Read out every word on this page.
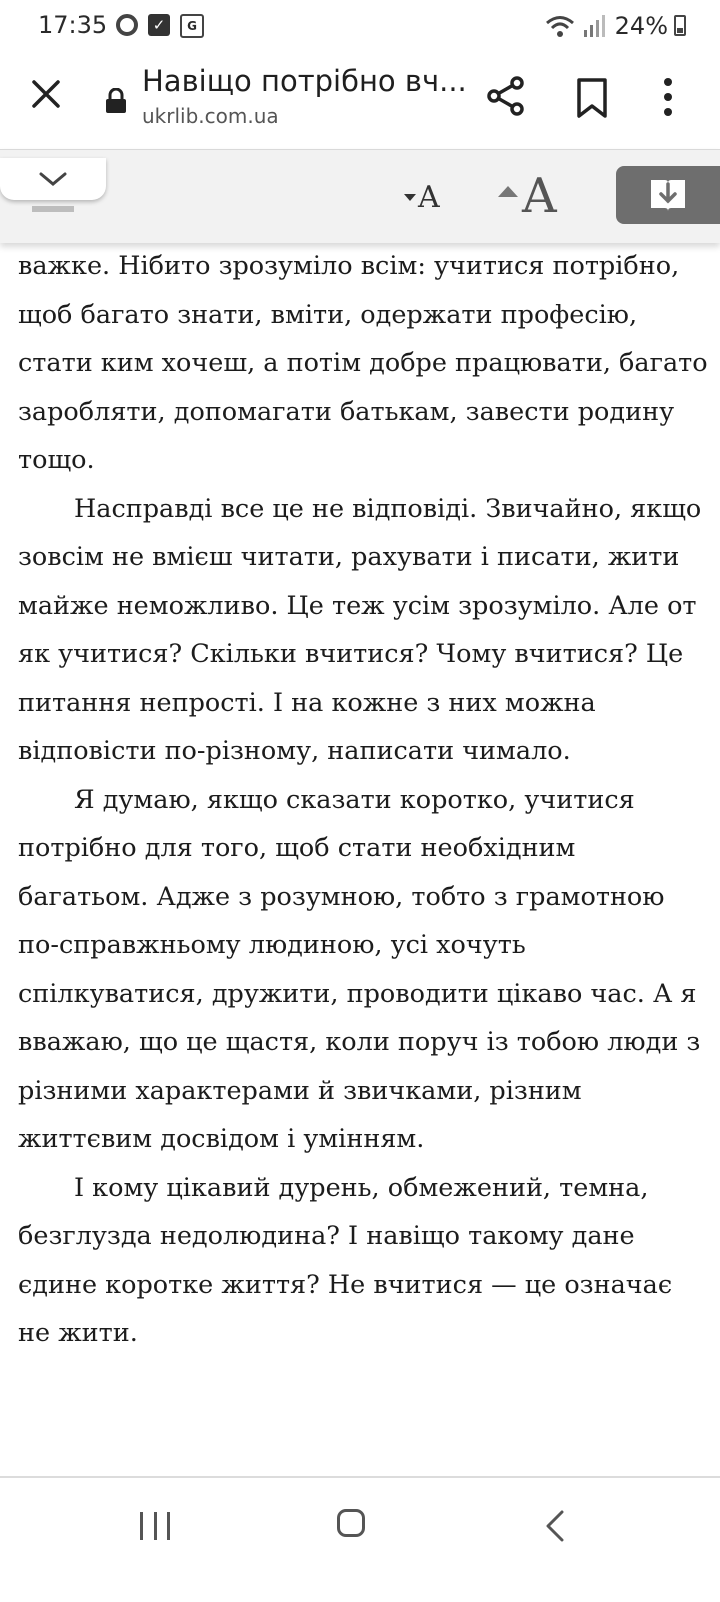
17:35	✓	G	24%
Навіщо потрібно вч...
ukrlib.com.ua
A A

важке. Нібито зрозуміло всім: учитися потрібно, щоб багато знати, вміти, одержати професію, стати ким хочеш, а потім добре працювати, багато заробляти, допомагати батькам, завести родину тощо.

Насправді все це не відповіді. Звичайно, якщо зовсім не вмієш читати, рахувати і писати, жити майже неможливо. Це теж усім зрозуміло. Але от як учитися? Скільки вчитися? Чому вчитися? Це питання непрості. І на кожне з них можна відповісти по-різному, написати чимало.

Я думаю, якщо сказати коротко, учитися потрібно для того, щоб стати необхідним багатьом. Адже з розумною, тобто з грамотною по-справжньому людиною, усі хочуть спілкуватися, дружити, проводити цікаво час. А я вважаю, що це щастя, коли поруч із тобою люди з різними характерами й звичками, різним життєвим досвідом і умінням.

І кому цікавий дурень, обмежений, темна, безглузда недолюдина? І навіщо такому дане єдине коротке життя? Не вчитися — це означає не жити.
